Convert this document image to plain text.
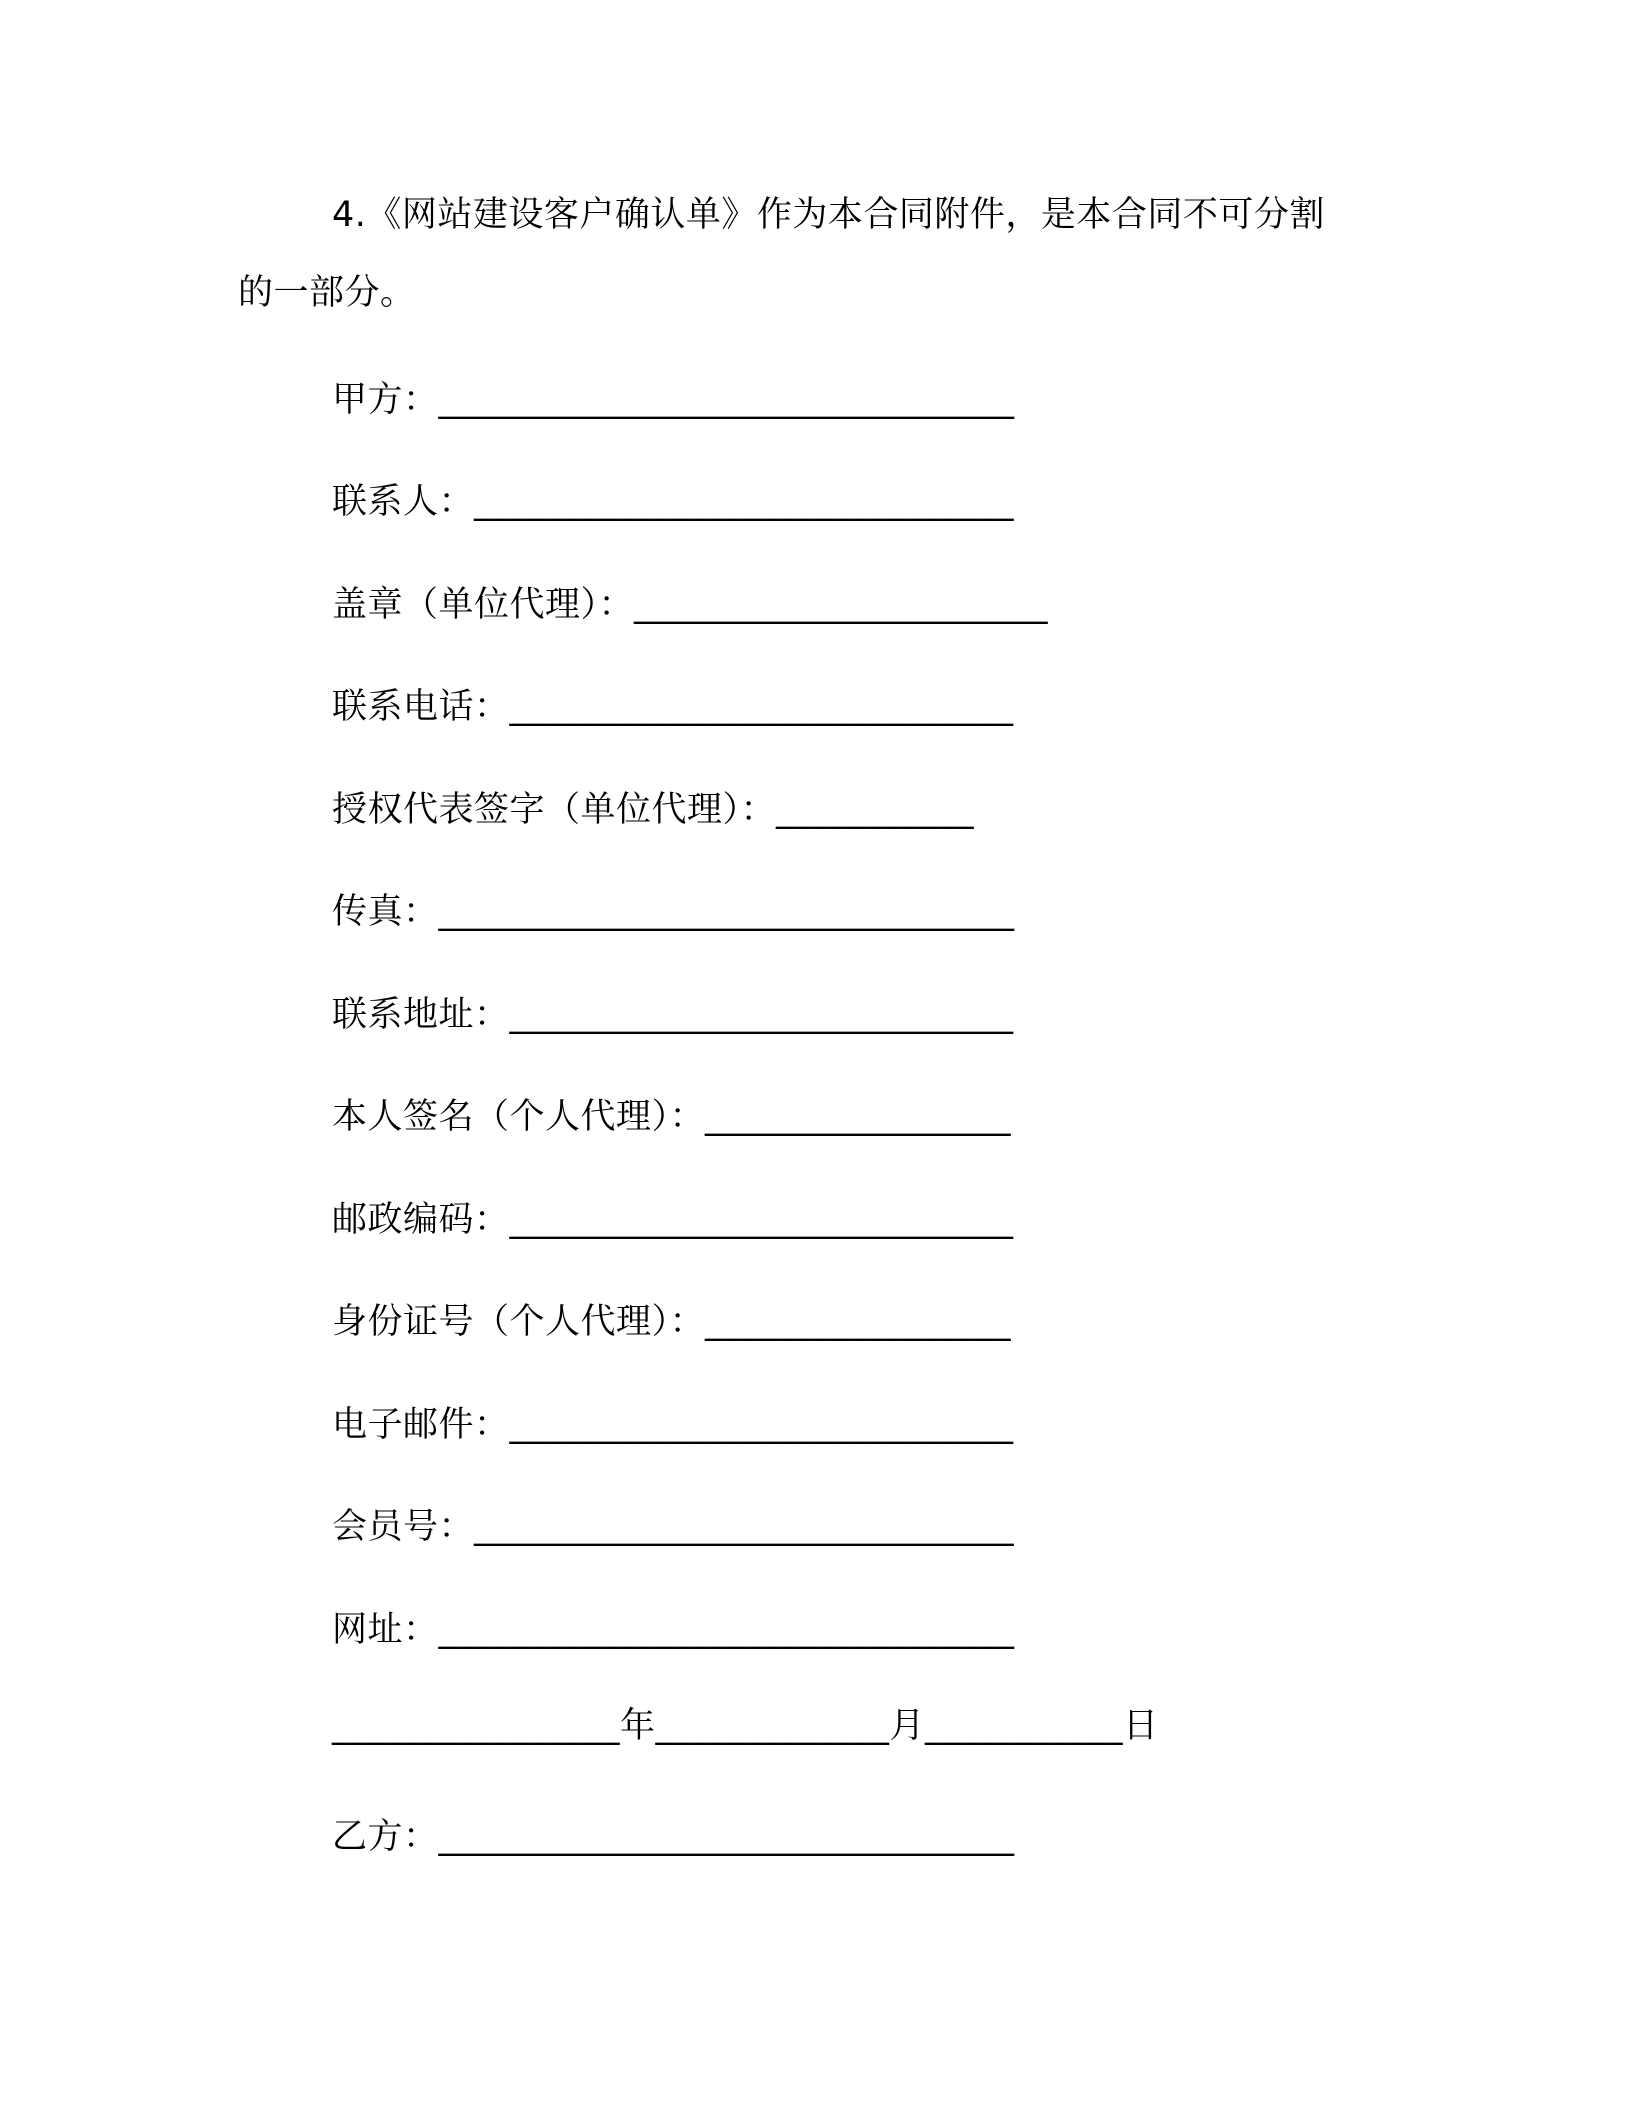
4.《网站建设客户确认单》作为本合同附件，是本合同不可分割
的一部分。
甲方：________________________________
联系人：______________________________
盖章（单位代理）：_______________________
联系电话：____________________________
授权代表签字（单位代理）：___________
传真：________________________________
联系地址：____________________________
本人签名（个人代理）：_________________
邮政编码：____________________________
身份证号（个人代理）：_________________
电子邮件：____________________________
会员号：______________________________
网址：________________________________
________________年_____________月___________日
乙方：________________________________
